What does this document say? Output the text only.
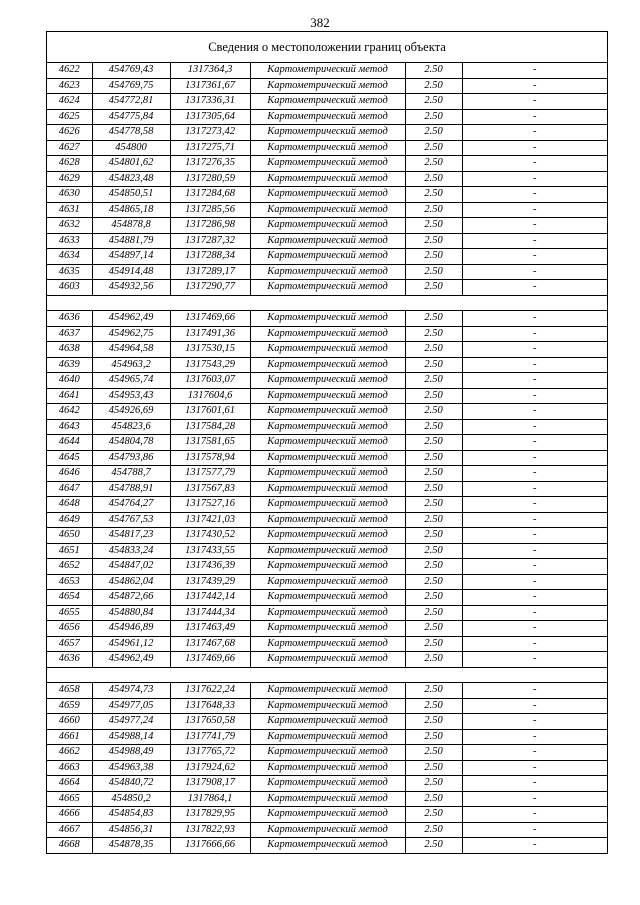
382
Сведения о местоположении границ объекта
4622	454769,43	1317364,3	Картометрический метод	2.50	-
4623	454769,75	1317361,67	Картометрический метод	2.50	-
4624	454772,81	1317336,31	Картометрический метод	2.50	-
4625	454775,84	1317305,64	Картометрический метод	2.50	-
4626	454778,58	1317273,42	Картометрический метод	2.50	-
4627	454800	1317275,71	Картометрический метод	2.50	-
4628	454801,62	1317276,35	Картометрический метод	2.50	-
4629	454823,48	1317280,59	Картометрический метод	2.50	-
4630	454850,51	1317284,68	Картометрический метод	2.50	-
4631	454865,18	1317285,56	Картометрический метод	2.50	-
4632	454878,8	1317286,98	Картометрический метод	2.50	-
4633	454881,79	1317287,32	Картометрический метод	2.50	-
4634	454897,14	1317288,34	Картометрический метод	2.50	-
4635	454914,48	1317289,17	Картометрический метод	2.50	-
4603	454932,56	1317290,77	Картометрический метод	2.50	-

4636	454962,49	1317469,66	Картометрический метод	2.50	-
4637	454962,75	1317491,36	Картометрический метод	2.50	-
4638	454964,58	1317530,15	Картометрический метод	2.50	-
4639	454963,2	1317543,29	Картометрический метод	2.50	-
4640	454965,74	1317603,07	Картометрический метод	2.50	-
4641	454953,43	1317604,6	Картометрический метод	2.50	-
4642	454926,69	1317601,61	Картометрический метод	2.50	-
4643	454823,6	1317584,28	Картометрический метод	2.50	-
4644	454804,78	1317581,65	Картометрический метод	2.50	-
4645	454793,86	1317578,94	Картометрический метод	2.50	-
4646	454788,7	1317577,79	Картометрический метод	2.50	-
4647	454788,91	1317567,83	Картометрический метод	2.50	-
4648	454764,27	1317527,16	Картометрический метод	2.50	-
4649	454767,53	1317421,03	Картометрический метод	2.50	-
4650	454817,23	1317430,52	Картометрический метод	2.50	-
4651	454833,24	1317433,55	Картометрический метод	2.50	-
4652	454847,02	1317436,39	Картометрический метод	2.50	-
4653	454862,04	1317439,29	Картометрический метод	2.50	-
4654	454872,66	1317442,14	Картометрический метод	2.50	-
4655	454880,84	1317444,34	Картометрический метод	2.50	-
4656	454946,89	1317463,49	Картометрический метод	2.50	-
4657	454961,12	1317467,68	Картометрический метод	2.50	-
4636	454962,49	1317469,66	Картометрический метод	2.50	-

4658	454974,73	1317622,24	Картометрический метод	2.50	-
4659	454977,05	1317648,33	Картометрический метод	2.50	-
4660	454977,24	1317650,58	Картометрический метод	2.50	-
4661	454988,14	1317741,79	Картометрический метод	2.50	-
4662	454988,49	1317765,72	Картометрический метод	2.50	-
4663	454963,38	1317924,62	Картометрический метод	2.50	-
4664	454840,72	1317908,17	Картометрический метод	2.50	-
4665	454850,2	1317864,1	Картометрический метод	2.50	-
4666	454854,83	1317829,95	Картометрический метод	2.50	-
4667	454856,31	1317822,93	Картометрический метод	2.50	-
4668	454878,35	1317666,66	Картометрический метод	2.50	-
